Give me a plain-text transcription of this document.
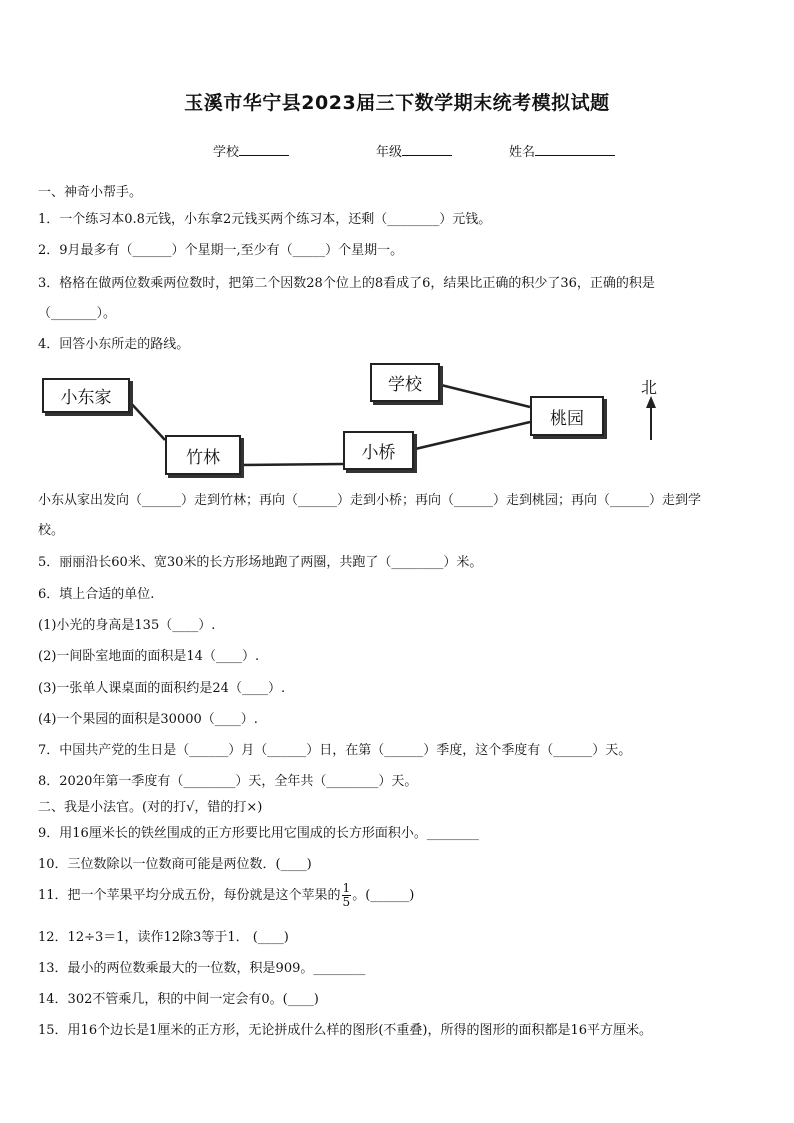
玉溪市华宁县2023届三下数学期末统考模拟试题
学校	年级	姓名
一、神奇小帮手。
1．一个练习本0.8元钱，小东拿2元钱买两个练习本，还剩（________）元钱。
2．9月最多有（______）个星期一,至少有（_____）个星期一。
3．格格在做两位数乘两位数时，把第二个因数28个位上的8看成了6，结果比正确的积少了36，正确的积是
（_______）。
4．回答小东所走的路线。
小东家
竹林	小桥
学校
桃园
北
小东从家出发向（______）走到竹林；再向（______）走到小桥；再向（______）走到桃园；再向（______）走到学
校。
5．丽丽沿长60米、宽30米的长方形场地跑了两圈，共跑了（________）米。
6．填上合适的单位.
(1)小光的身高是135（____）.
(2)一间卧室地面的面积是14（____）.
(3)一张单人课桌面的面积约是24（____）.
(4)一个果园的面积是30000（____）.
7．中国共产党的生日是（______）月（______）日，在第（______）季度，这个季度有（______）天。
8．2020年第一季度有（________）天，全年共（________）天。
二、我是小法官。(对的打√，错的打×)
9．用16厘米长的铁丝围成的正方形要比用它围成的长方形面积小。________
10．三位数除以一位数商可能是两位数．(____)
11．把一个苹果平均分成五份，每份就是这个苹果的 $\frac{1}{5}$ 。(______)
12．12÷3＝1，读作12除3等于1． (____)
13．最小的两位数乘最大的一位数，积是909。________
14．302不管乘几，积的中间一定会有0。(____)
15．用16个边长是1厘米的正方形，无论拼成什么样的图形(不重叠)，所得的图形的面积都是16平方厘米。
